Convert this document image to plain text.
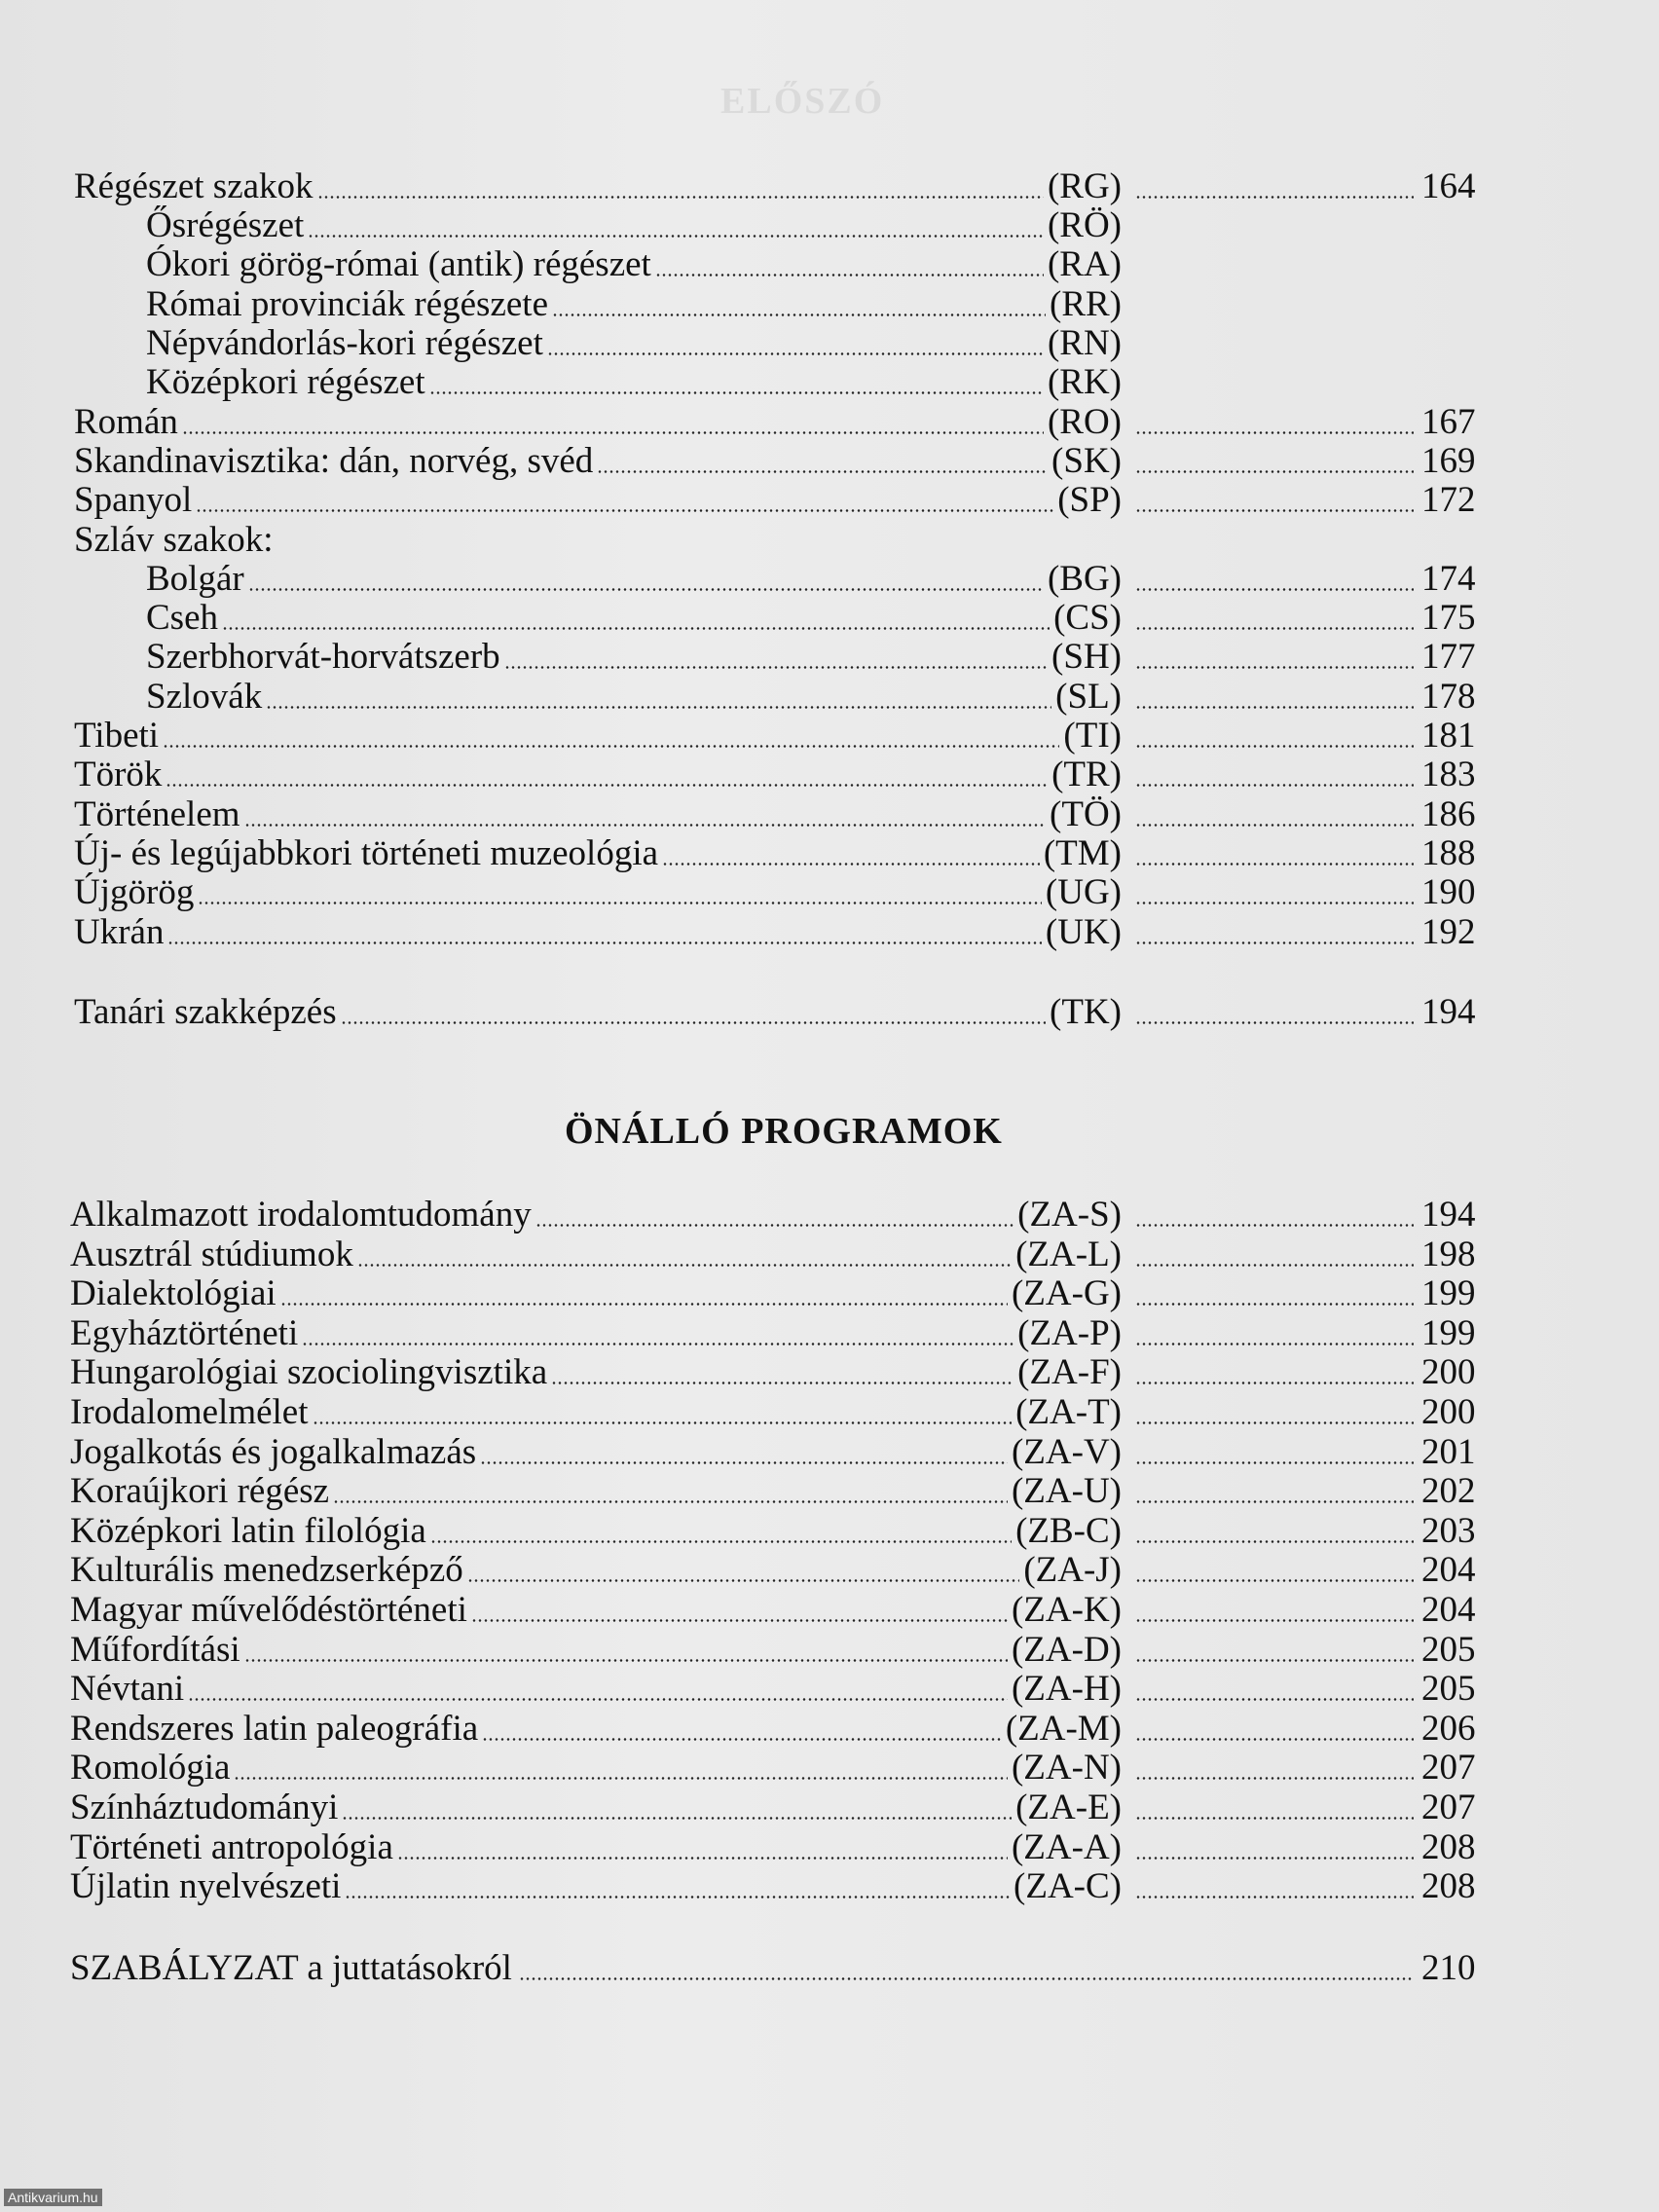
ELŐSZÓ
Régészet szakok	(RG)	164
Ősrégészet	(RÖ)
Ókori görög-római (antik) régészet	(RA)
Római provinciák régészete	(RR)
Népvándorlás-kori régészet	(RN)
Középkori régészet	(RK)
Román	(RO)	167
Skandinavisztika: dán, norvég, svéd	(SK)	169
Spanyol	(SP)	172
Szláv szakok:
Bolgár	(BG)	174
Cseh	(CS)	175
Szerbhorvát-horvátszerb	(SH)	177
Szlovák	(SL)	178
Tibeti	(TI)	181
Török	(TR)	183
Történelem	(TÖ)	186
Új- és legújabbkori történeti muzeológia	(TM)	188
Újgörög	(UG)	190
Ukrán	(UK)	192
Tanári szakképzés	(TK)	194
Alkalmazott irodalomtudomány	(ZA-S)	194
Ausztrál stúdiumok	(ZA-L)	198
Dialektológiai	(ZA-G)	199
Egyháztörténeti	(ZA-P)	199
Hungarológiai szociolingvisztika	(ZA-F)	200
Irodalomelmélet	(ZA-T)	200
Jogalkotás és jogalkalmazás	(ZA-V)	201
Koraújkori régész	(ZA-U)	202
Középkori latin filológia	(ZB-C)	203
Kulturális menedzserképző	(ZA-J)	204
Magyar művelődéstörténeti	(ZA-K)	204
Műfordítási	(ZA-D)	205
Névtani	(ZA-H)	205
Rendszeres latin paleográfia	(ZA-M)	206
Romológia	(ZA-N)	207
Színháztudományi	(ZA-E)	207
Történeti antropológia	(ZA-A)	208
Újlatin nyelvészeti	(ZA-C)	208
SZABÁLYZAT a juttatásokról	210
ÖNÁLLÓ PROGRAMOK
Antikvarium.hu
